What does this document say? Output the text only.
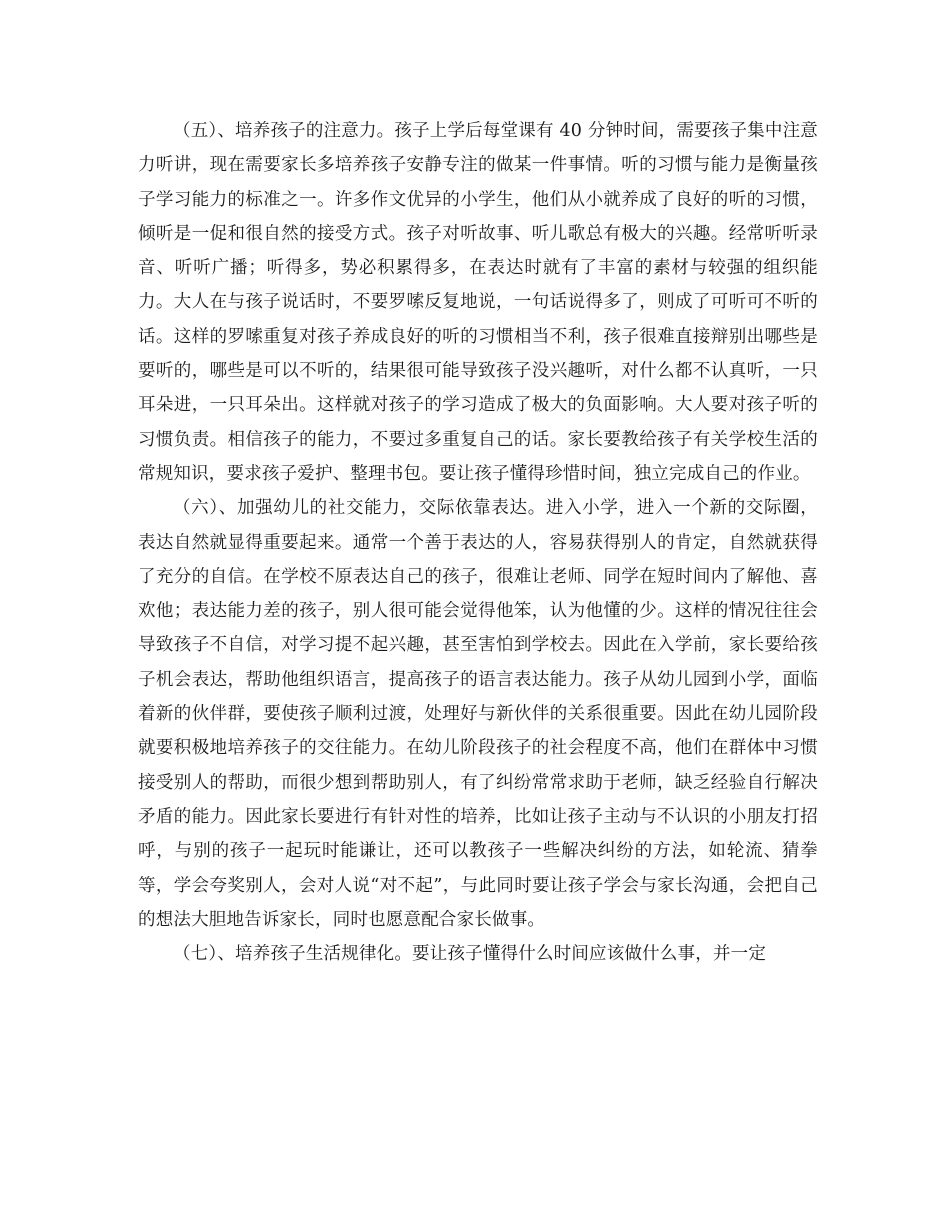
（五）、培养孩子的注意力。孩子上学后每堂课有 40 分钟时间，需要孩子集中注意力听讲，现在需要家长多培养孩子安静专注的做某一件事情。听的习惯与能力是衡量孩子学习能力的标准之一。许多作文优异的小学生，他们从小就养成了良好的听的习惯，倾听是一促和很自然的接受方式。孩子对听故事、听儿歌总有极大的兴趣。经常听听录音、听听广播；听得多，势必积累得多，在表达时就有了丰富的素材与较强的组织能力。大人在与孩子说话时，不要罗嗦反复地说，一句话说得多了，则成了可听可不听的话。这样的罗嗦重复对孩子养成良好的听的习惯相当不利，孩子很难直接辩别出哪些是要听的，哪些是可以不听的，结果很可能导致孩子没兴趣听，对什么都不认真听，一只耳朵进，一只耳朵出。这样就对孩子的学习造成了极大的负面影响。大人要对孩子听的习惯负责。相信孩子的能力，不要过多重复自己的话。家长要教给孩子有关学校生活的常规知识，要求孩子爱护、整理书包。要让孩子懂得珍惜时间，独立完成自己的作业。

（六）、加强幼儿的社交能力，交际依靠表达。进入小学，进入一个新的交际圈，表达自然就显得重要起来。通常一个善于表达的人，容易获得别人的肯定，自然就获得了充分的自信。在学校不原表达自己的孩子，很难让老师、同学在短时间内了解他、喜欢他；表达能力差的孩子，别人很可能会觉得他笨，认为他懂的少。这样的情况往往会导致孩子不自信，对学习提不起兴趣，甚至害怕到学校去。因此在入学前，家长要给孩子机会表达，帮助他组织语言，提高孩子的语言表达能力。孩子从幼儿园到小学，面临着新的伙伴群，要使孩子顺利过渡，处理好与新伙伴的关系很重要。因此在幼儿园阶段就要积极地培养孩子的交往能力。在幼儿阶段孩子的社会程度不高，他们在群体中习惯接受别人的帮助，而很少想到帮助别人，有了纠纷常常求助于老师，缺乏经验自行解决矛盾的能力。因此家长要进行有针对性的培养，比如让孩子主动与不认识的小朋友打招呼，与别的孩子一起玩时能谦让，还可以教孩子一些解决纠纷的方法，如轮流、猜拳等，学会夸奖别人，会对人说“对不起”，与此同时要让孩子学会与家长沟通，会把自己的想法大胆地告诉家长，同时也愿意配合家长做事。

（七）、培养孩子生活规律化。要让孩子懂得什么时间应该做什么事，并一定
